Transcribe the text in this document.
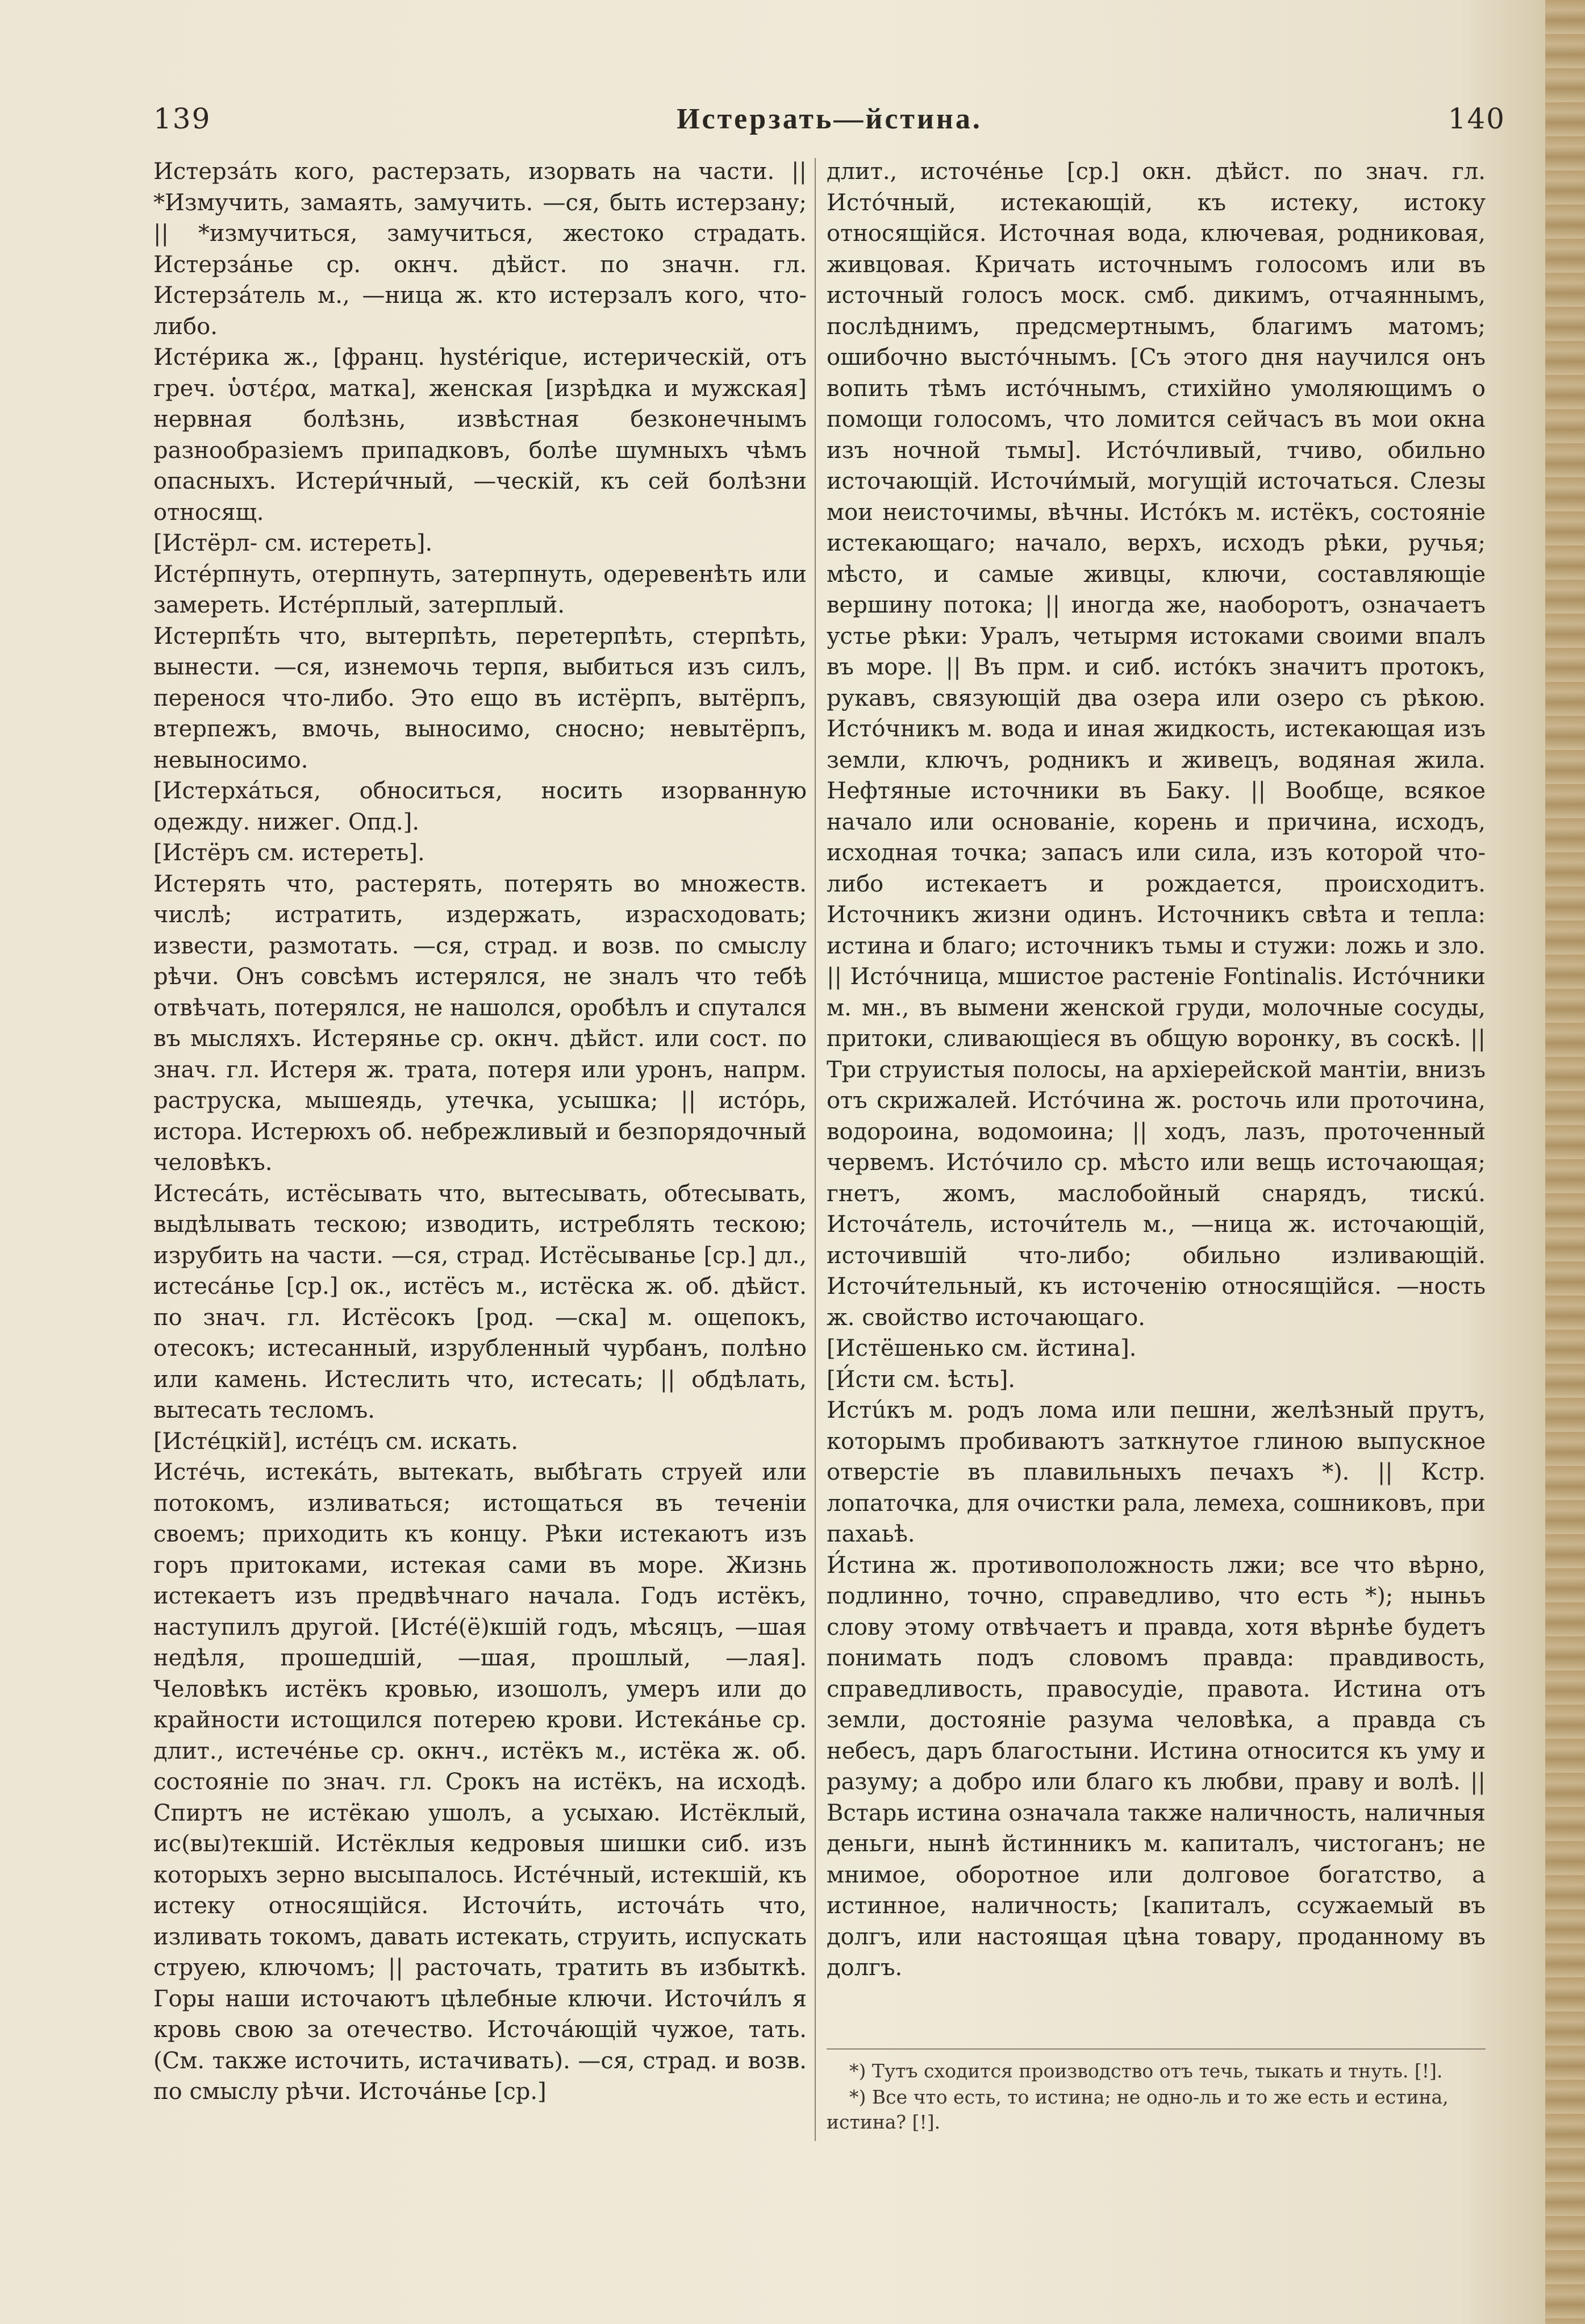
139	Истерзать—йстина.	140
Истерзáть кого, растерзать, изорвать на части. || *Измучить, замаять, замучить. —ся, быть истерзану; || *измучиться, замучиться, жестоко страдать. Истерзáнье ср. окнч. дѣйст. по значн. гл. Истерзáтель м., —ница ж. кто истерзалъ кого, что-либо.
Истéрика ж., [франц. hystérique, истерическій, отъ греч. ὑστέρα, матка], женская [изрѣдка и мужская] нервная болѣзнь, извѣстная безконечнымъ разнообразіемъ припадковъ, болѣе шумныхъ чѣмъ опасныхъ. Истери́чный, —ческій, къ сей болѣзни относящ.
[Истёрл- см. истереть].
Истéрпнуть, отерпнуть, затерпнуть, одеревенѣть или замереть. Истéрплый, затерплый.
Истерпѣ́ть что, вытерпѣть, перетерпѣть, стерпѣть, вынести. —ся, изнемочь терпя, выбиться изъ силъ, перенося что-либо. Это ещо въ истёрпъ, вытёрпъ, втерпежъ, вмочь, выносимо, сносно; невытёрпъ, невыносимо.
[Истерхáться, обноситься, носить изорванную одежду. нижег. Опд.].
[Истёръ см. истереть].
Истерять что, растерять, потерять во множеств. числѣ; истратить, издержать, израсходовать; извести, размотать. —ся, страд. и возв. по смыслу рѣчи. Онъ совсѣмъ истерялся, не зналъ что тебѣ отвѣчать, потерялся, не нашолся, оробѣлъ и спутался въ мысляхъ. Истерянье ср. окнч. дѣйст. или сост. по знач. гл. Истеря ж. трата, потеря или уронъ, напрм. раструска, мышеядь, утечка, усышка; || истóрь, истора. Истерюхъ об. небрежливый и безпорядочный человѣкъ.
Истесáть, истёсывать что, вытесывать, обтесывать, выдѣлывать тескою; изводить, истреблять тескою; изрубить на части. —ся, страд. Истёсыванье [ср.] дл., истесáнье [ср.] ок., истёсъ м., истёска ж. об. дѣйст. по знач. гл. Истёсокъ [род. —ска] м. ощепокъ, отесокъ; истесанный, изрубленный чурбанъ, полѣно или камень. Истеслить что, истесать; || обдѣлать, вытесать тесломъ.
[Истéцкій], истéцъ см. искать.
Истéчь, истекáть, вытекать, выбѣгать струей или потокомъ, изливаться; истощаться въ теченіи своемъ; приходить къ концу. Рѣки истекаютъ изъ горъ притоками, истекая сами въ море. Жизнь истекаетъ изъ предвѣчнаго начала. Годъ истёкъ, наступилъ другой. [Истé(ё)кшій годъ, мѣсяцъ, —шая недѣля, прошедшій, —шая, прошлый, —лая]. Человѣкъ истёкъ кровью, изошолъ, умеръ или до крайности истощился потерею крови. Истекáнье ср. длит., истечéнье ср. окнч., истёкъ м., истёка ж. об. состояніе по знач. гл. Срокъ на истёкъ, на исходѣ. Спиртъ не истёкаю ушолъ, а усыхаю. Истёклый, ис(вы)текшій. Истёклыя кедровыя шишки сиб. изъ которыхъ зерно высыпалось. Истéчный, истекшій, къ истеку относящійся. Источи́ть, источáть что, изливать токомъ, давать истекать, струить, испускать струею, ключомъ; || расточать, тратить въ избыткѣ. Горы наши источаютъ цѣлебные ключи. Источи́лъ я кровь свою за отечество. Источáющій чужое, тать. (См. также источить, истачивать). —ся, страд. и возв. по смыслу рѣчи. Источáнье [ср.]
длит., источéнье [ср.] окн. дѣйст. по знач. гл. Истóчный, истекающій, къ истеку, истоку относящійся. Источная вода, ключевая, родниковая, живцовая. Кричать источнымъ голосомъ или въ источный голосъ моск. смб. дикимъ, отчаяннымъ, послѣднимъ, предсмертнымъ, благимъ матомъ; ошибочно выстóчнымъ. [Съ этого дня научился онъ вопить тѣмъ истóчнымъ, стихійно умоляющимъ о помощи голосомъ, что ломится сейчасъ въ мои окна изъ ночной тьмы]. Истóчливый, тчиво, обильно источающій. Источи́мый, могущій источаться. Слезы мои неисточимы, вѣчны. Истóкъ м. истёкъ, состояніе истекающаго; начало, верхъ, исходъ рѣки, ручья; мѣсто, и самые живцы, ключи, составляющіе вершину потока; || иногда же, наоборотъ, означаетъ устье рѣки: Уралъ, четырмя истоками своими впалъ въ море. || Въ прм. и сиб. истóкъ значитъ протокъ, рукавъ, связующій два озера или озеро съ рѣкою. Истóчникъ м. вода и иная жидкость, истекающая изъ земли, ключъ, родникъ и живецъ, водяная жила. Нефтяные источники въ Баку. || Вообще, всякое начало или основаніе, корень и причина, исходъ, исходная точка; запасъ или сила, изъ которой что-либо истекаетъ и рождается, происходитъ. Источникъ жизни одинъ. Источникъ свѣта и тепла: истина и благо; источникъ тьмы и стужи: ложь и зло. || Истóчница, мшистое растеніе Fontinalis. Истóчники м. мн., въ вымени женской груди, молочные сосуды, притоки, сливающіеся въ общую воронку, въ соскѣ. || Три струистыя полосы, на архіерейской мантіи, внизъ отъ скрижалей. Истóчина ж. росточь или проточина, водороина, водомоина; || ходъ, лазъ, проточенный червемъ. Истóчило ср. мѣсто или вещь источающая; гнетъ, жомъ, маслобойный снарядъ, тискú. Источáтель, источи́тель м., —ница ж. источающій, источившій что-либо; обильно изливающій. Источи́тельный, къ источенію относящійся. —ность ж. свойство источающаго.
[Истёшенько см. йстина].
[И́сти см. ѣсть].
Истúкъ м. родъ лома или пешни, желѣзный прутъ, которымъ пробиваютъ заткнутое глиною выпускное отверстіе въ плавильныхъ печахъ *). || Кстр. лопаточка, для очистки рала, лемеха, сошниковъ, при пахаьѣ.
И́стина ж. противоположность лжи; все что вѣрно, подлинно, точно, справедливо, что есть *); ныньъ слову этому отвѣчаетъ и правда, хотя вѣрнѣе будетъ понимать подъ словомъ правда: правдивость, справедливость, правосудіе, правота. Истина отъ земли, достояніе разума человѣка, а правда съ небесъ, даръ благостыни. Истина относится къ уму и разуму; а добро или благо къ любви, праву и волѣ. || Встарь истина означала также наличность, наличныя деньги, нынѣ йстинникъ м. капиталъ, чистоганъ; не мнимое, оборотное или долговое богатство, а истинное, наличность; [капиталъ, ссужаемый въ долгъ, или настоящая цѣна товару, проданному въ долгъ.

*) Тутъ сходится производство отъ течь, тыкать и тнуть. [!].

*) Все что есть, то истина; не одно-ль и то же есть и естина, истина? [!].
